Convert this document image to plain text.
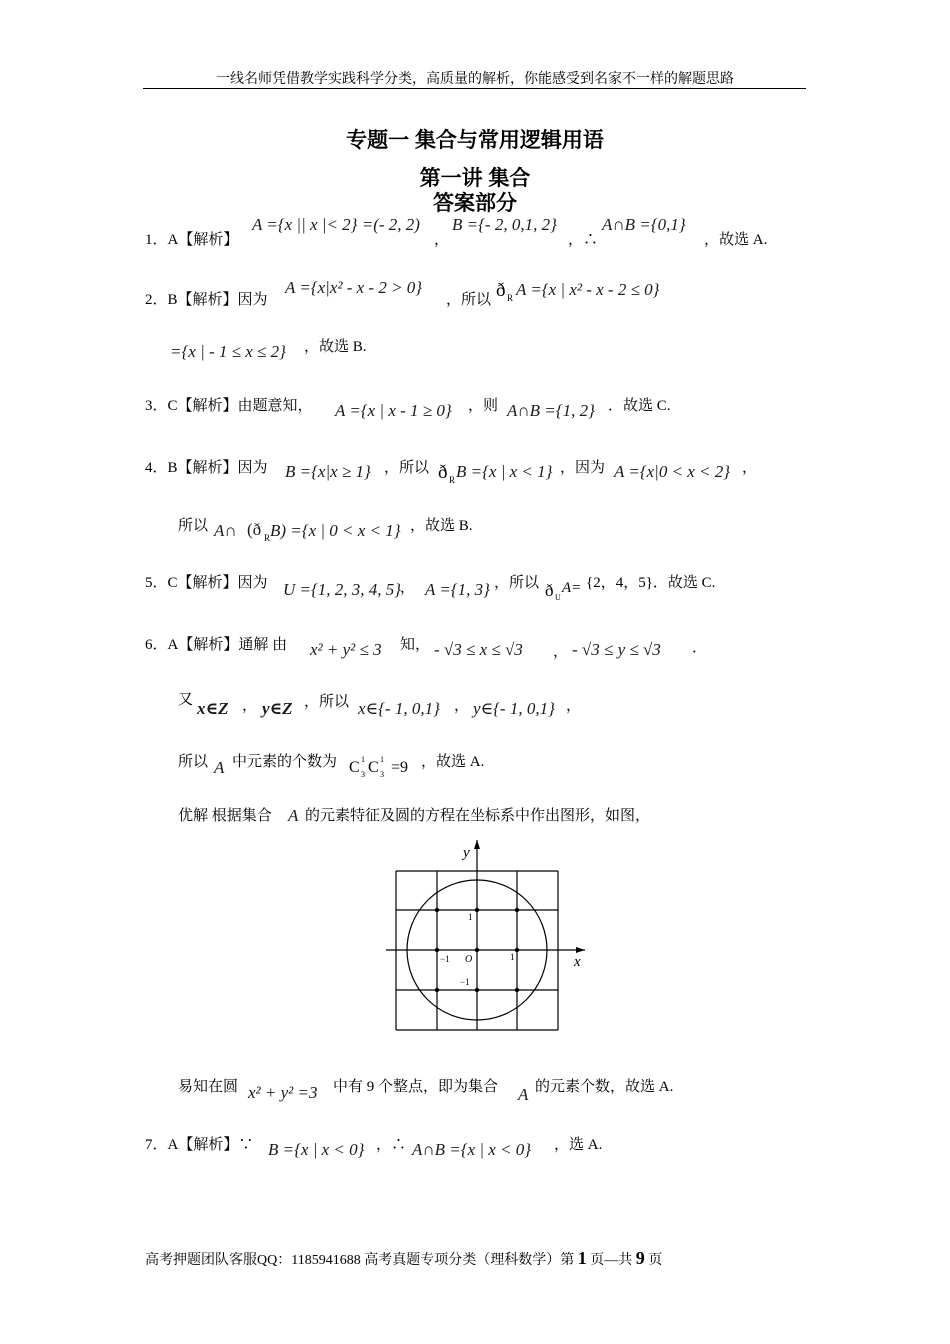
一线名师凭借教学实践科学分类，高质量的解析，你能感受到名家不一样的解题思路
专题一 集合与常用逻辑用语
第一讲 集合
答案部分
1．A【解析】
A ={x || x |< 2} =(- 2, 2)
，
B ={- 2, 0,1, 2}
，∴
A∩B ={0,1}
，故选 A.
2．B【解析】因为
A ={x|x² - x - 2 > 0}
，所以 ð R A ={x | x² - x - 2 ≤ 0}
={x | - 1 ≤ x ≤ 2} ，故选 B.
3．C【解析】由题意知， A ={x | x - 1 ≥ 0} ，则 A∩B ={1, 2} ．故选 C.
4．B【解析】因为 B ={x|x ≥ 1} ，所以 ð R B ={x | x < 1} ，因为 A ={x|0 < x < 2} ，
所以 A∩ (ð R B) ={x | 0 < x < 1} ，故选 B.
5．C【解析】因为 U ={1, 2, 3, 4, 5}
， A ={1, 3} ，所以 ð U
A= {2，4，5}．故选 C.
6．A【解析】通解 由 x² + y² ≤ 3 知， - √3 ≤ x ≤ √3 ， - √3 ≤ y ≤ √3 ．
又 x∈Z ， y∈Z ，所以 x∈{- 1, 0,1} ， y∈{- 1, 0,1} ，
所以 A 中元素的个数为 C 1
3 C 1
3 =9 ，故选 A.
优解 根据集合 A 的元素特征及圆的方程在坐标系中作出图形，如图，
y
x
O
1
−1
1
−1
易知在圆 x² + y² =3 中有 9 个整点，即为集合 A 的元素个数，故选 A.
7．A【解析】∵ B ={x | x < 0} ，∴ A∩B ={x | x < 0} ，选 A.
高考押题团队客服QQ：1185941688 高考真题专项分类（理科数学）第 1 页—共 9 页
